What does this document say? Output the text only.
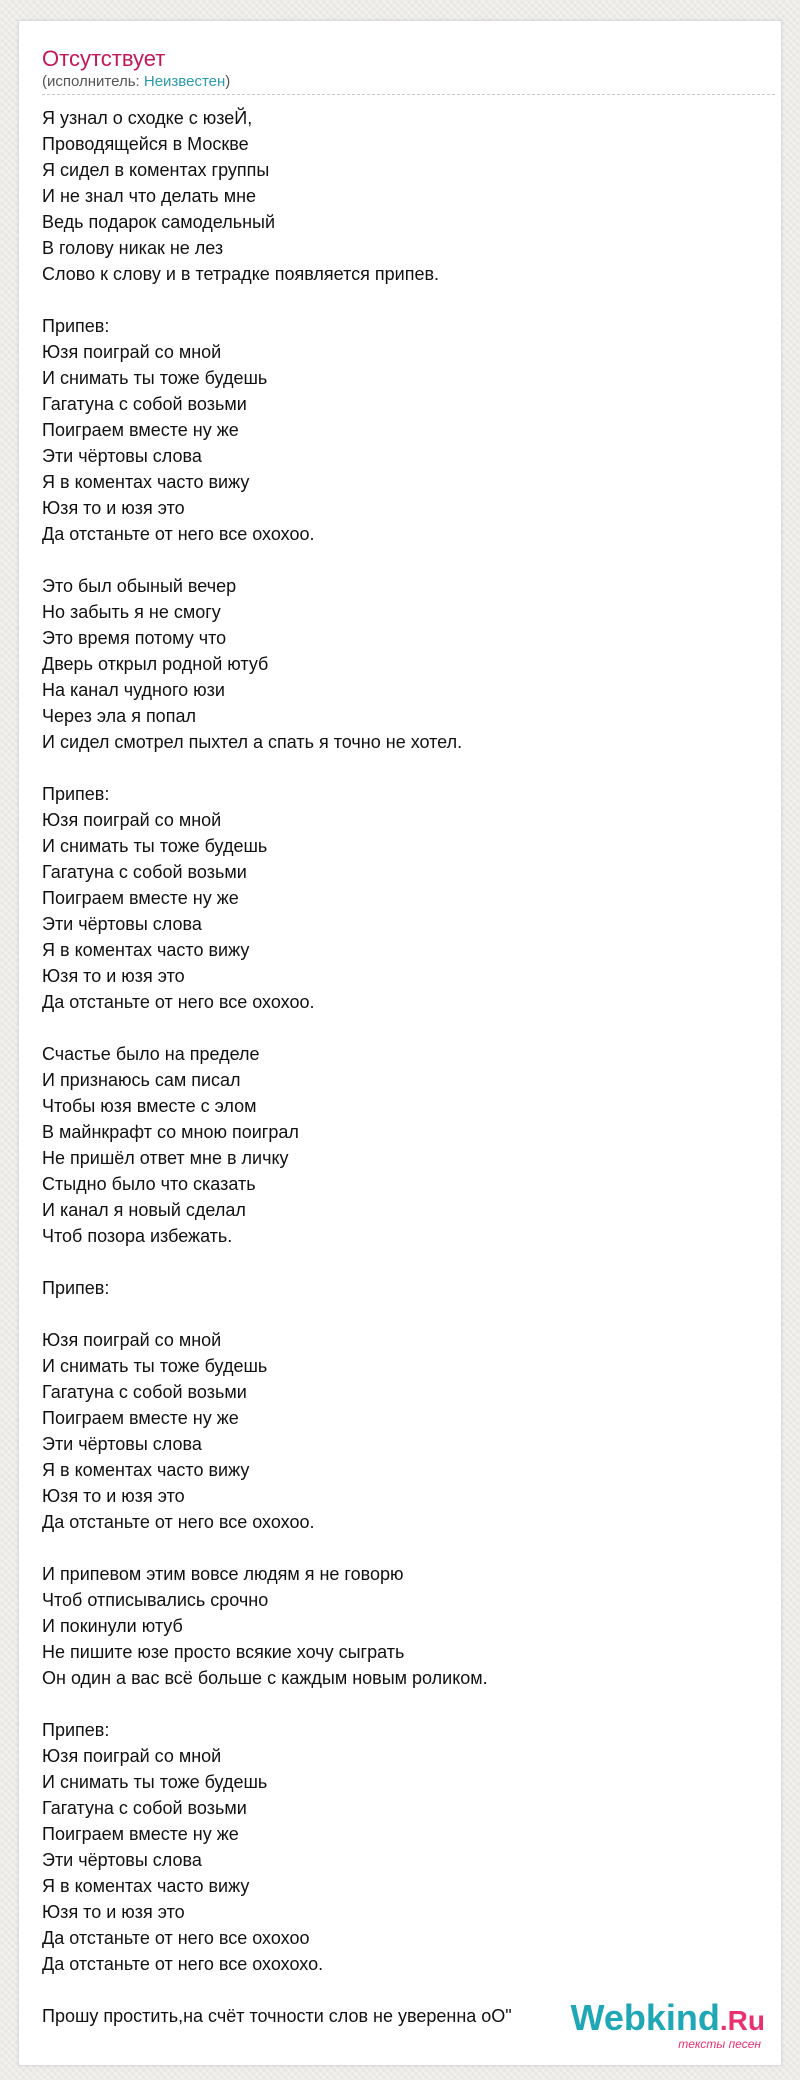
Отсутствует
(исполнитель: Неизвестен)
Я узнал о сходке с юзеЙ,
Проводящейся в Москве
Я сидел в коментах группы
И не знал что делать мне
Ведь подарок самодельный
В голову никак не лез
Слово к слову и в тетрадке появляется припев.
Припев:
Юзя поиграй со мной
И снимать ты тоже будешь
Гагатуна с собой возьми
Поиграем вместе ну же
Эти чёртовы слова
Я в коментах часто вижу
Юзя то и юзя это
Да отстаньте от него все охохоо.
Это был обыный вечер
Но забыть я не смогу
Это время потому что
Дверь открыл родной ютуб
На канал чудного юзи
Через эла я попал
И сидел смотрел пыхтел а спать я точно не хотел.
Припев:
Юзя поиграй со мной
И снимать ты тоже будешь
Гагатуна с собой возьми
Поиграем вместе ну же
Эти чёртовы слова
Я в коментах часто вижу
Юзя то и юзя это
Да отстаньте от него все охохоо.
Счастье было на пределе
И признаюсь сам писал
Чтобы юзя вместе с элом
В майнкрафт со мною поиграл
Не пришёл ответ мне в личку
Стыдно было что сказать
И канал я новый сделал
Чтоб позора избежать.
Припев:
Юзя поиграй со мной
И снимать ты тоже будешь
Гагатуна с собой возьми
Поиграем вместе ну же
Эти чёртовы слова
Я в коментах часто вижу
Юзя то и юзя это
Да отстаньте от него все охохоо.
И припевом этим вовсе людям я не говорю
Чтоб отписывались срочно
И покинули ютуб
Не пишите юзе просто всякие хочу сыграть
Он один а вас всё больше с каждым новым роликом.
Припев:
Юзя поиграй со мной
И снимать ты тоже будешь
Гагатуна с собой возьми
Поиграем вместе ну же
Эти чёртовы слова
Я в коментах часто вижу
Юзя то и юзя это
Да отстаньте от него все охохоо
Да отстаньте от него все охохохо.
Прошу простить,на счёт точности слов не уверенна оО"	Webkind.Ru
тексты песен
